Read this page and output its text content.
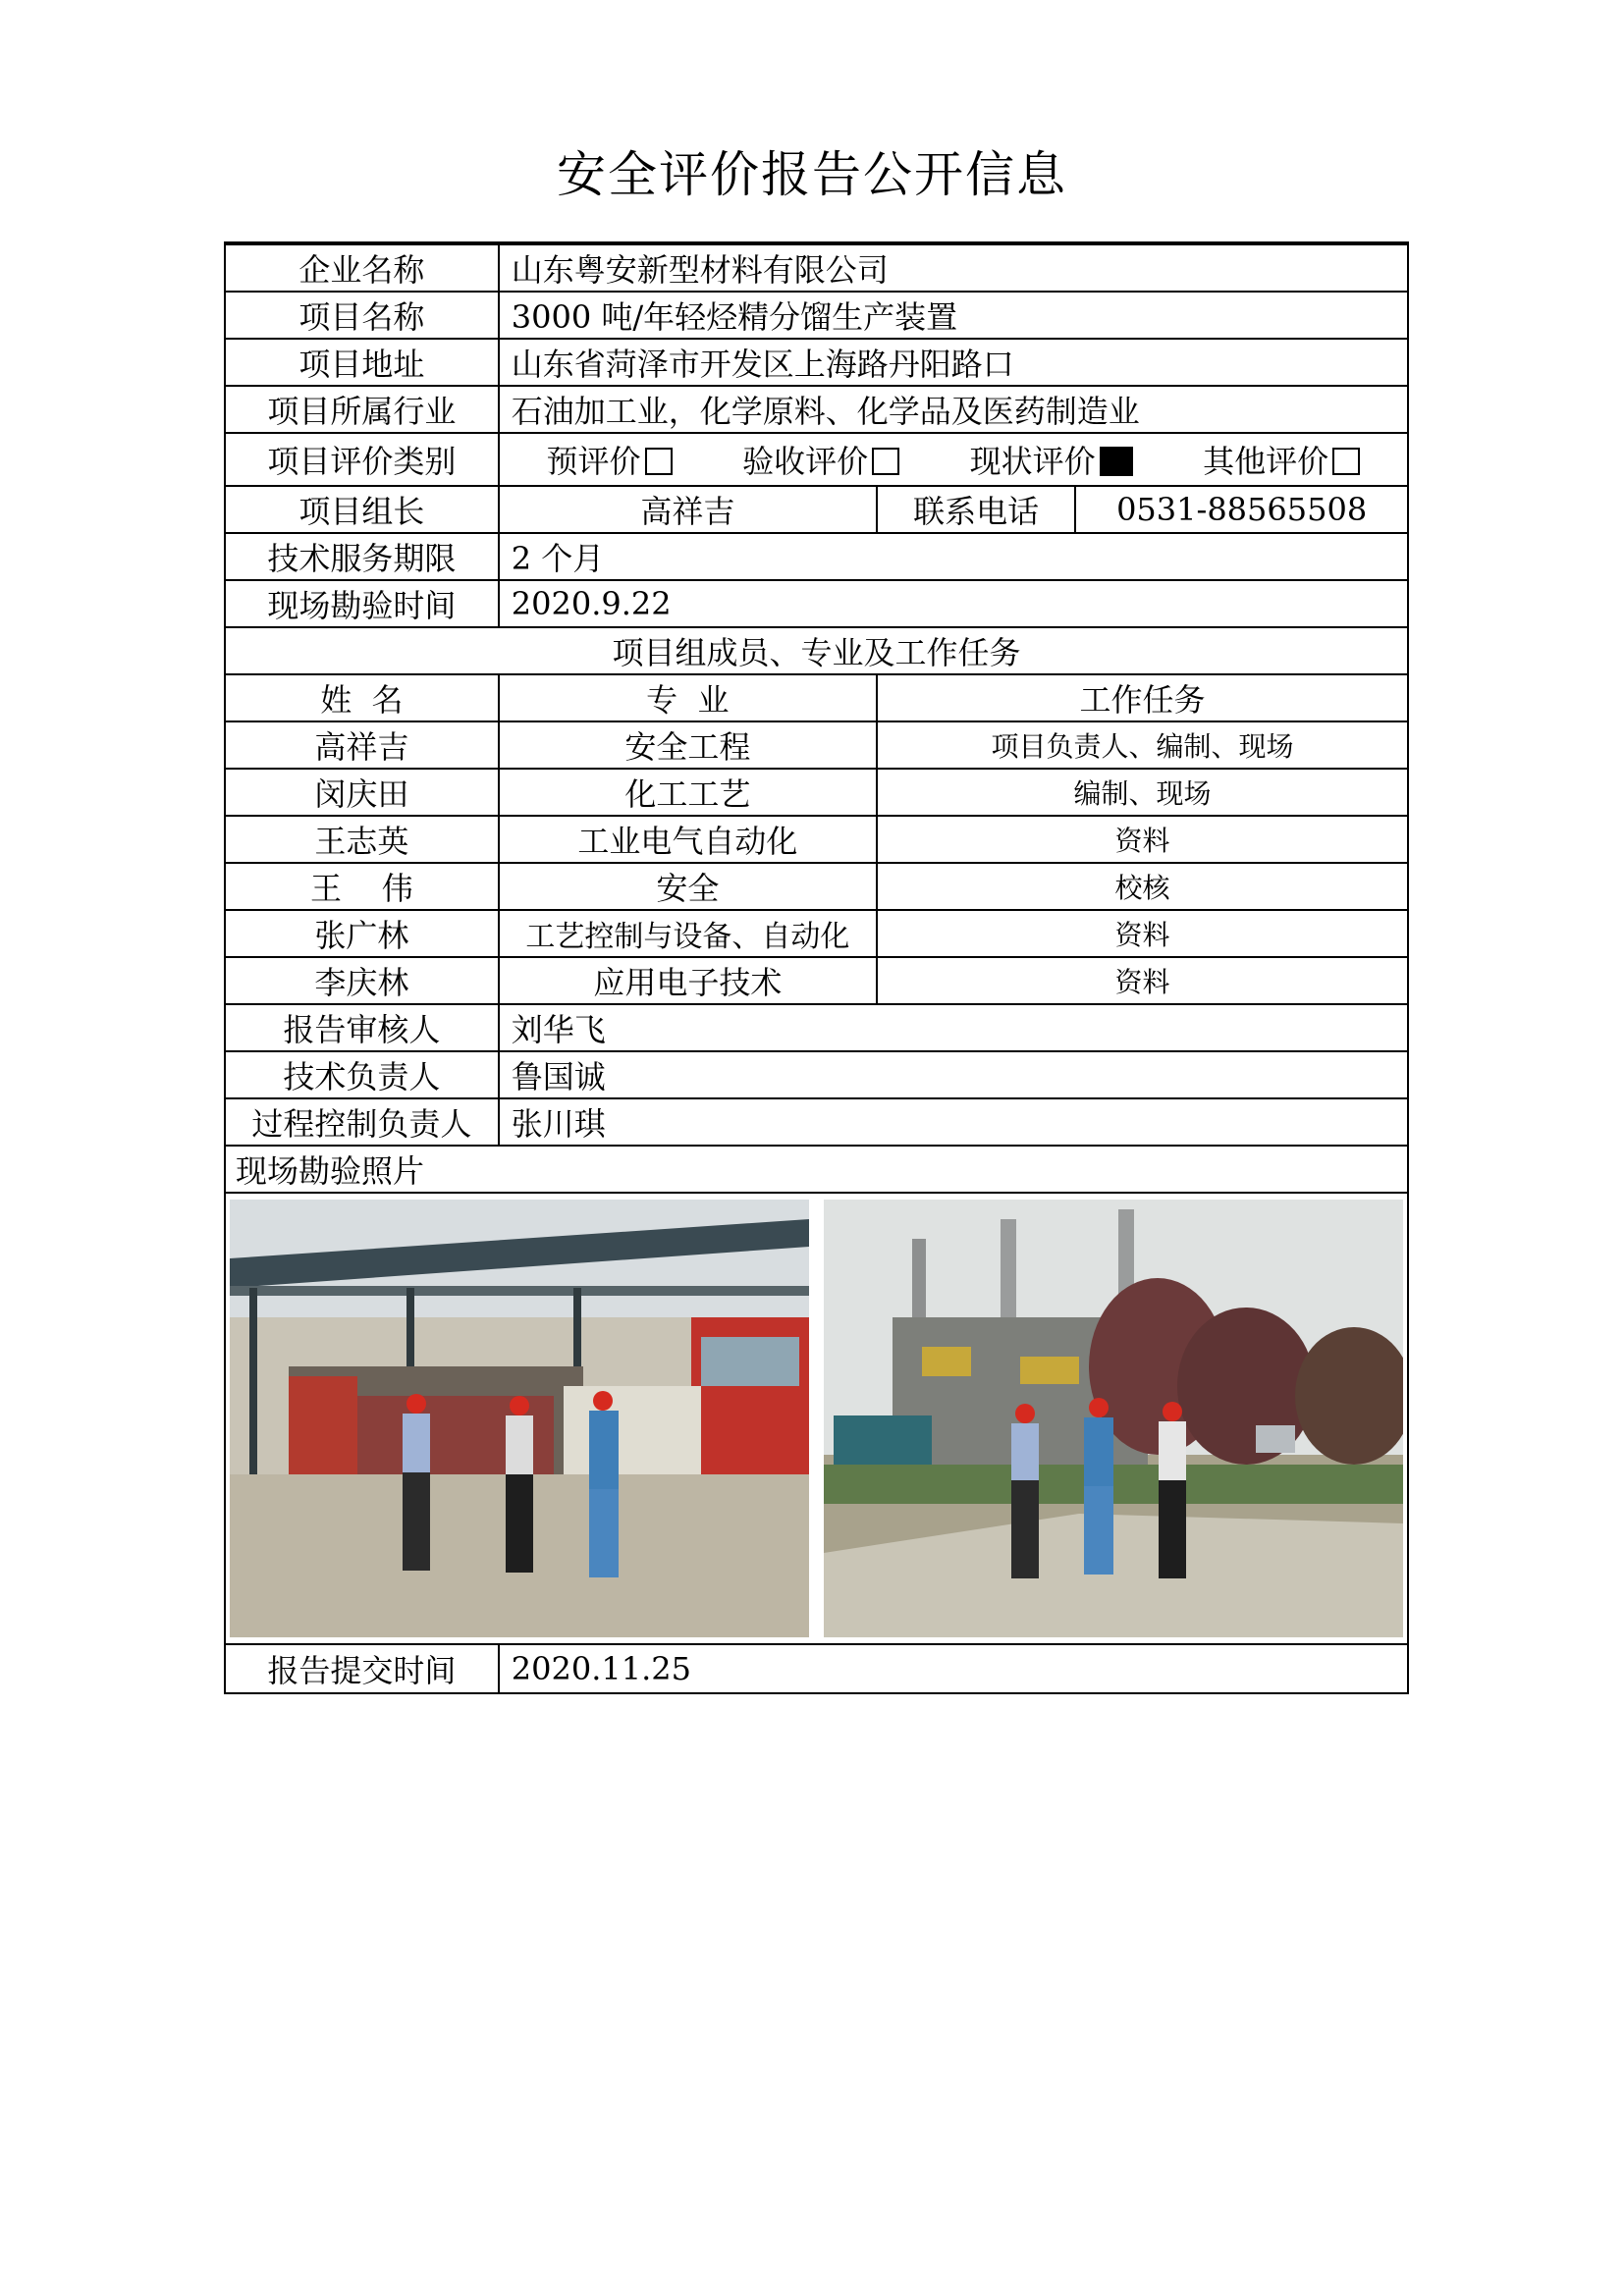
安全评价报告公开信息
企业名称	山东粤安新型材料有限公司		
项目名称	3000 吨/年轻烃精分馏生产装置		
项目地址	山东省菏泽市开发区上海路丹阳路口		
项目所属行业	石油加工业，化学原料、化学品及医药制造业		
项目评价类别	预评价 验收评价 现状评价 其他评价		

项目组长	高祥吉	联系电话	0531-88565508
技术服务期限	2 个月		
现场勘验时间	2020.9.22		
项目组成员、专业及工作任务			
姓  名	专  业	工作任务	
高祥吉	安全工程	项目负责人、编制、现场	
闵庆田	化工工艺	编制、现场	
王志英	工业电气自动化	资料	
王    伟	安全	校核	
张广林	工艺控制与设备、自动化	资料	
李庆林	应用电子技术	资料	
报告审核人	刘华飞		
技术负责人	鲁国诚		
过程控制负责人	张川琪		
现场勘验照片			

报告提交时间	2020.11.25		
